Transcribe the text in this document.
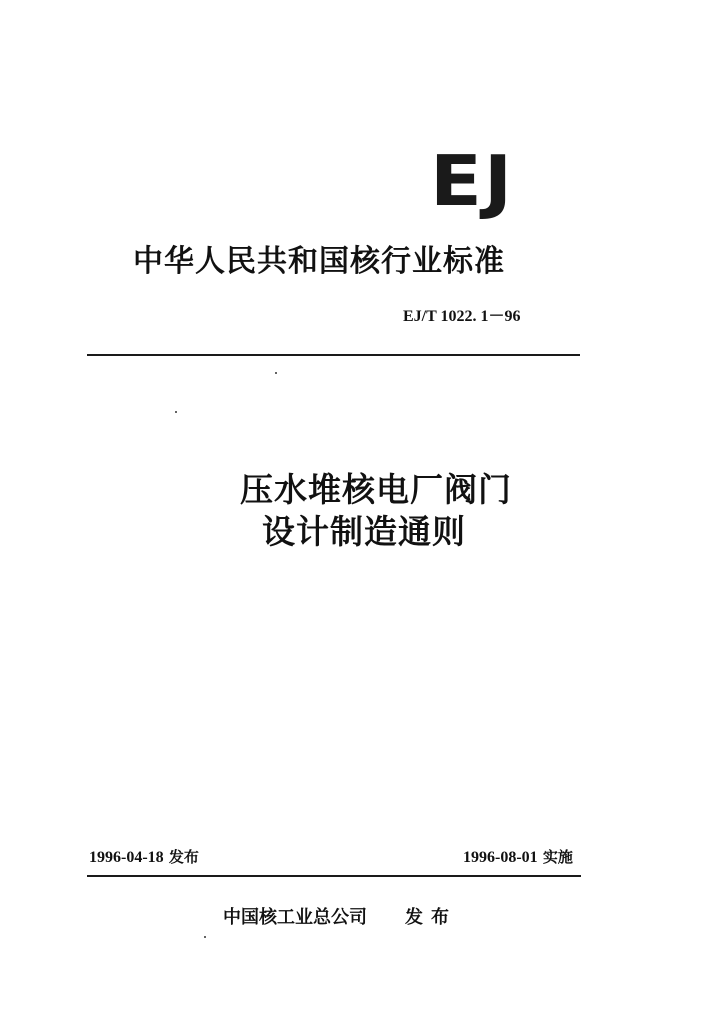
EJ
中华人民共和国核行业标准
EJ/T 1022. 1－96
压水堆核电厂阀门
设计制造通则
1996-04-18 发布	1996-08-01 实施
中国核工业总公司 发布
